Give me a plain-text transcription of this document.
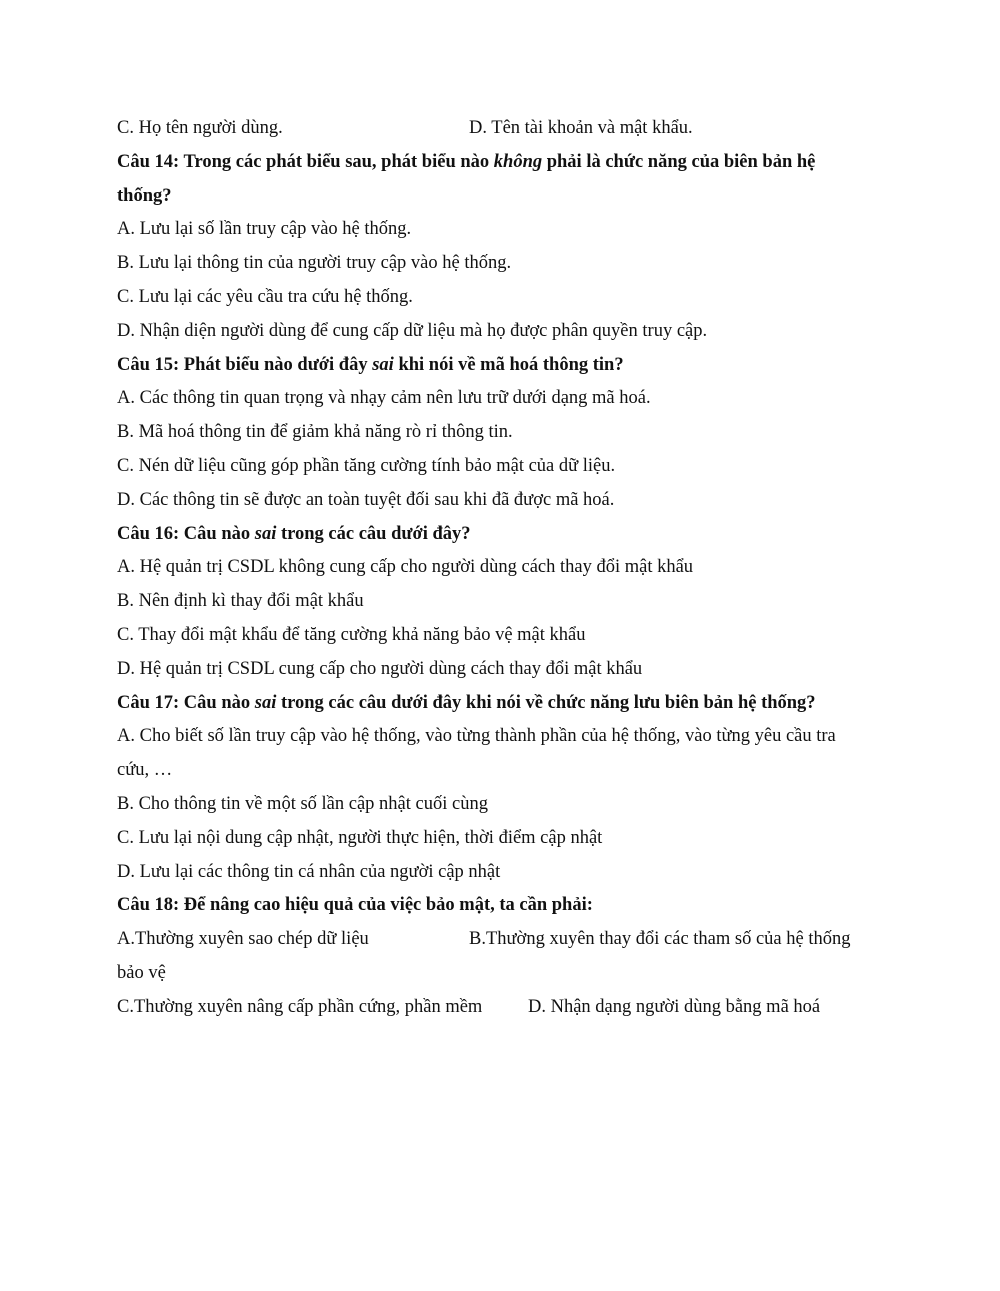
C. Họ tên người dùng.	D. Tên tài khoản và mật khẩu.
Câu 14: Trong các phát biểu sau, phát biểu nào không phải là chức năng của biên bản hệ
thống?
A. Lưu lại số lần truy cập vào hệ thống.
B. Lưu lại thông tin của người truy cập vào hệ thống.
C. Lưu lại các yêu cầu tra cứu hệ thống.
D. Nhận diện người dùng để cung cấp dữ liệu mà họ được phân quyền truy cập.
Câu 15: Phát biểu nào dưới đây sai khi nói về mã hoá thông tin?
A. Các thông tin quan trọng và nhạy cảm nên lưu trữ dưới dạng mã hoá.
B. Mã hoá thông tin để giảm khả năng rò rỉ thông tin.
C. Nén dữ liệu cũng góp phần tăng cường tính bảo mật của dữ liệu.
D. Các thông tin sẽ được an toàn tuyệt đối sau khi đã được mã hoá.
Câu 16: Câu nào sai trong các câu dưới đây?
A. Hệ quản trị CSDL không cung cấp cho người dùng cách thay đổi mật khẩu
B. Nên định kì thay đổi mật khẩu
C. Thay đổi mật khẩu để tăng cường khả năng bảo vệ mật khẩu
D. Hệ quản trị CSDL cung cấp cho người dùng cách thay đổi mật khẩu
Câu 17: Câu nào sai trong các câu dưới đây khi nói về chức năng lưu biên bản hệ thống?
A. Cho biết số lần truy cập vào hệ thống, vào từng thành phần của hệ thống, vào từng yêu cầu tra
cứu, …
B. Cho thông tin về một số lần cập nhật cuối cùng
C. Lưu lại nội dung cập nhật, người thực hiện, thời điểm cập nhật
D. Lưu lại các thông tin cá nhân của người cập nhật
Câu 18: Để nâng cao hiệu quả của việc bảo mật, ta cần phải:
A.Thường xuyên sao chép dữ liệu	B.Thường xuyên thay đổi các tham số của hệ thống
bảo vệ
C.Thường xuyên nâng cấp phần cứng, phần mềm D. Nhận dạng người dùng bằng mã hoá
